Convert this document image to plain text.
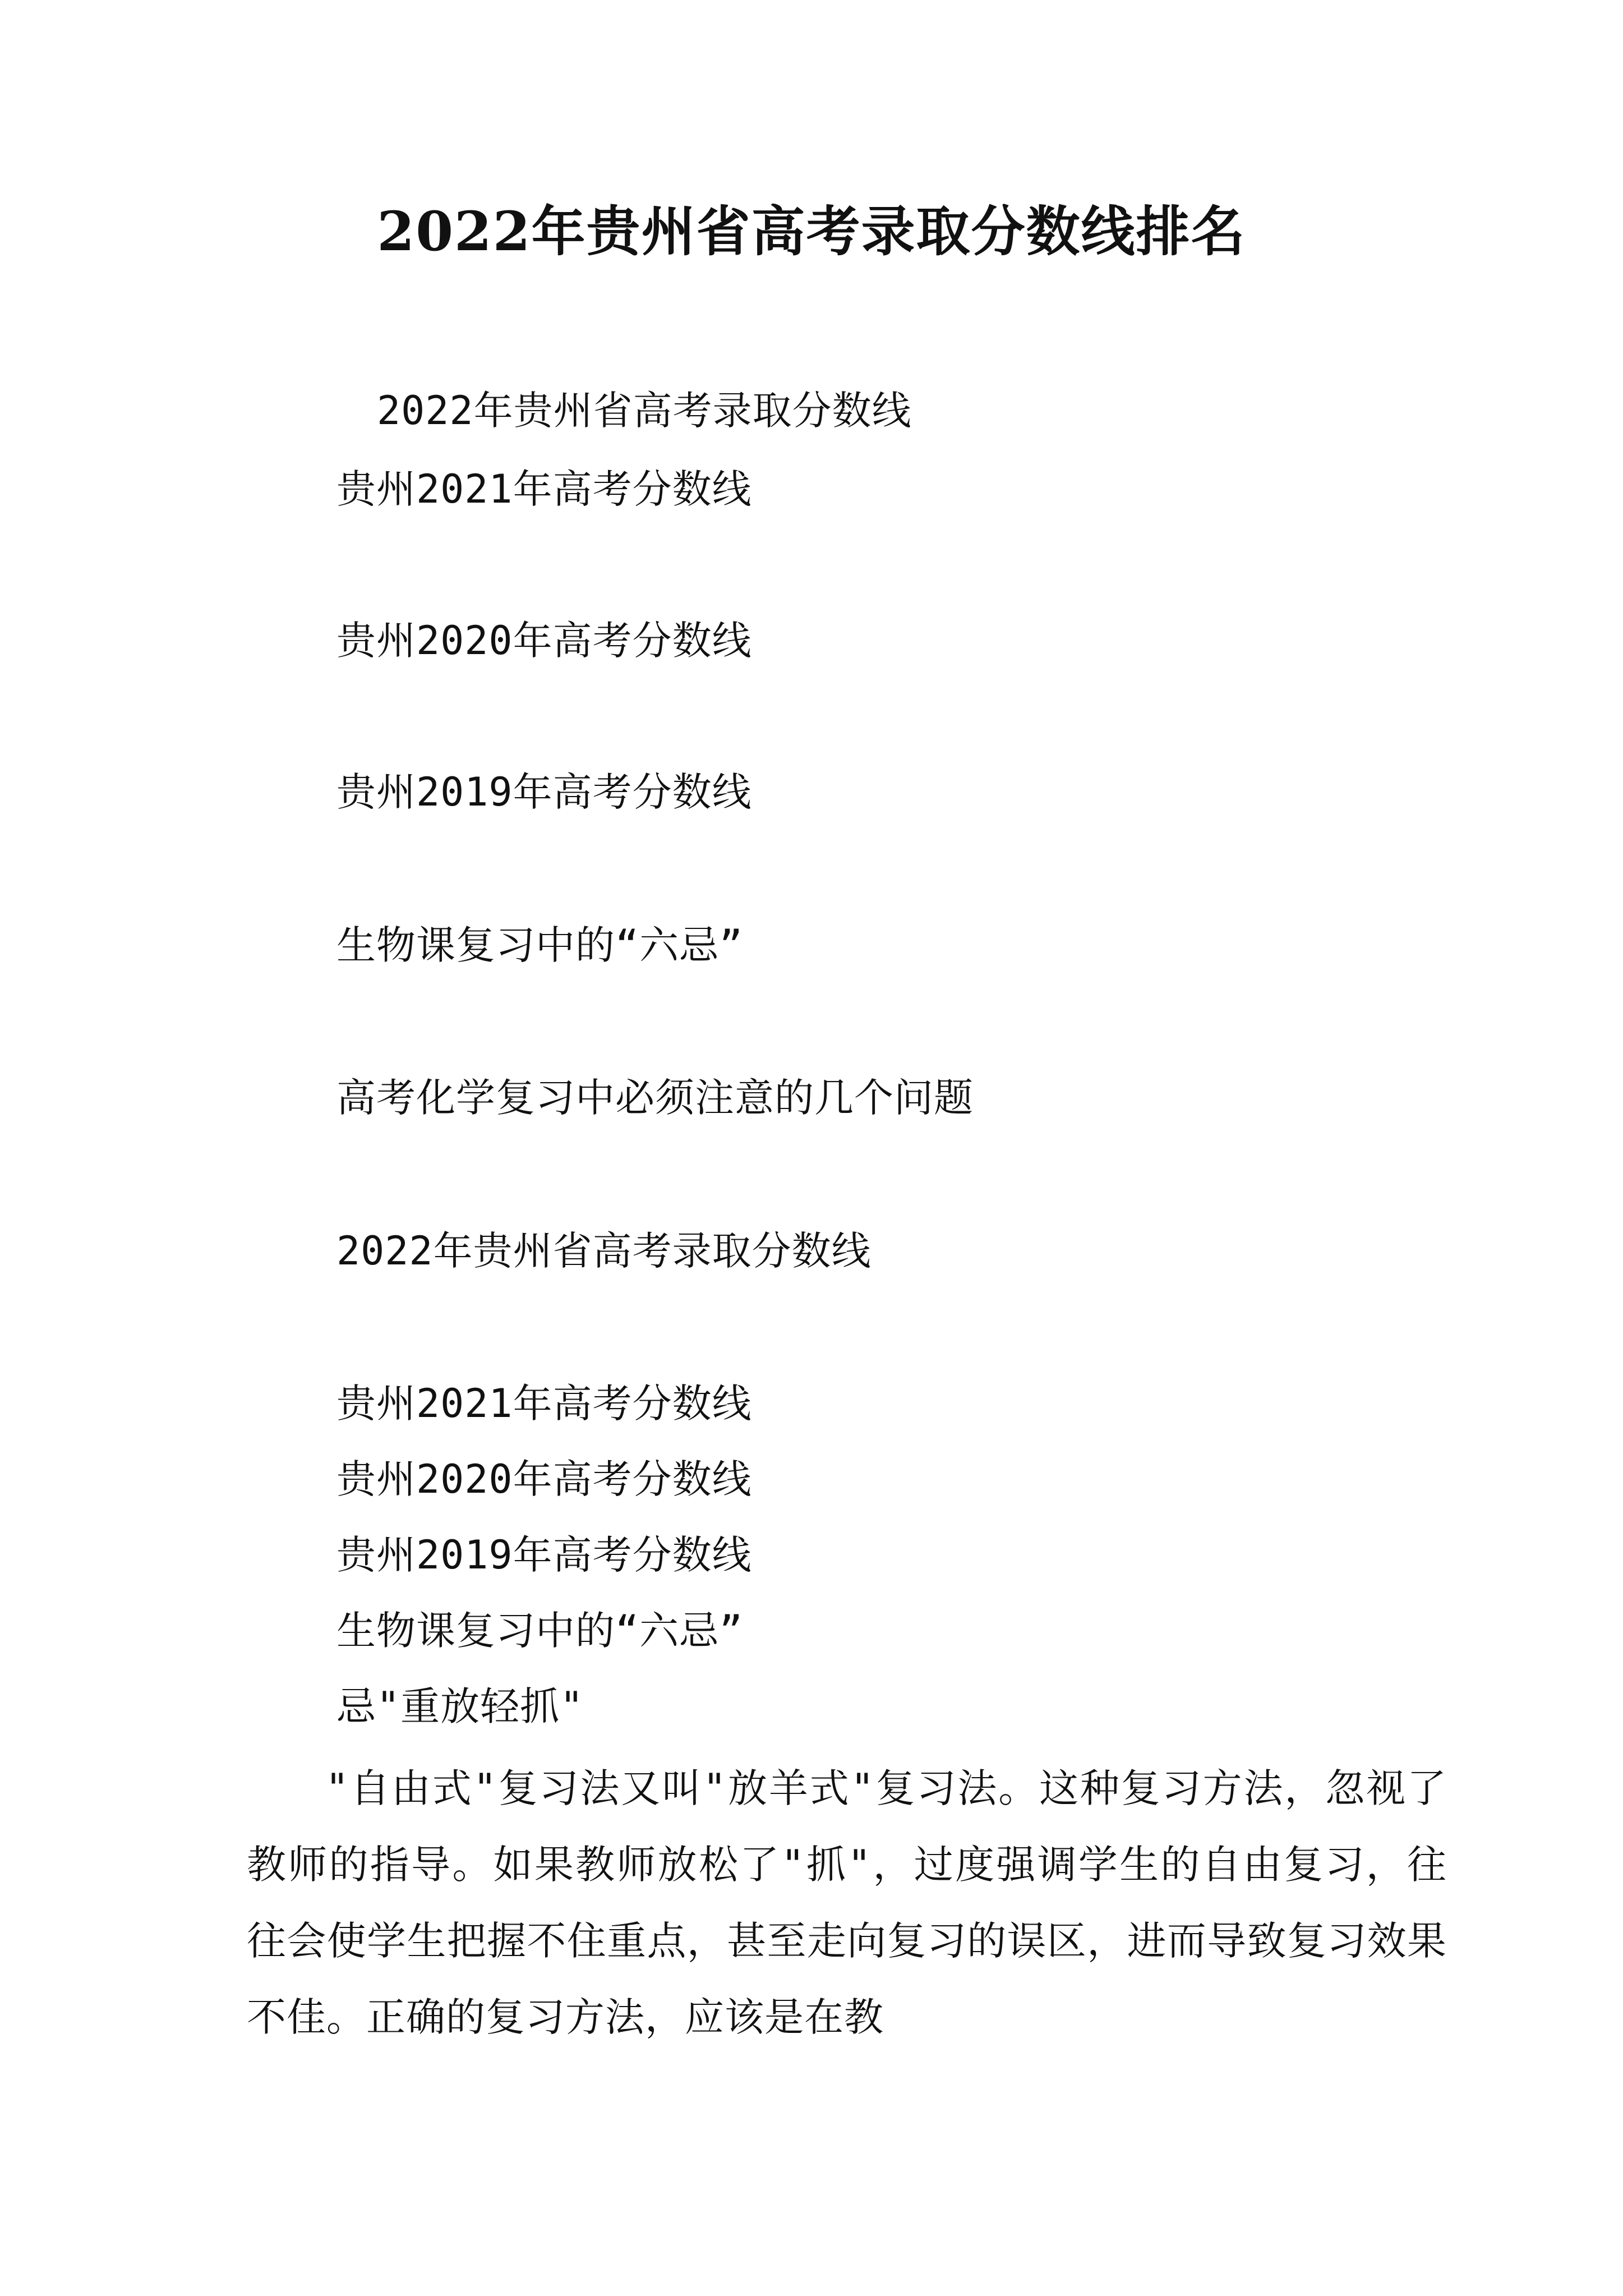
2022年贵州省高考录取分数线排名
2022年贵州省高考录取分数线
贵州2021年高考分数线
贵州2020年高考分数线
贵州2019年高考分数线
生物课复习中的“六忌”
高考化学复习中必须注意的几个问题
2022年贵州省高考录取分数线
贵州2021年高考分数线
贵州2020年高考分数线
贵州2019年高考分数线
生物课复习中的“六忌”
忌"重放轻抓"
"自由式"复习法又叫"放羊式"复习法。这种复习方法，忽视了教师的指导。如果教师放松了"抓"，过度强调学生的自由复习，往往会使学生把握不住重点，甚至走向复习的误区，进而导致复习效果不佳。正确的复习方法，应该是在教
